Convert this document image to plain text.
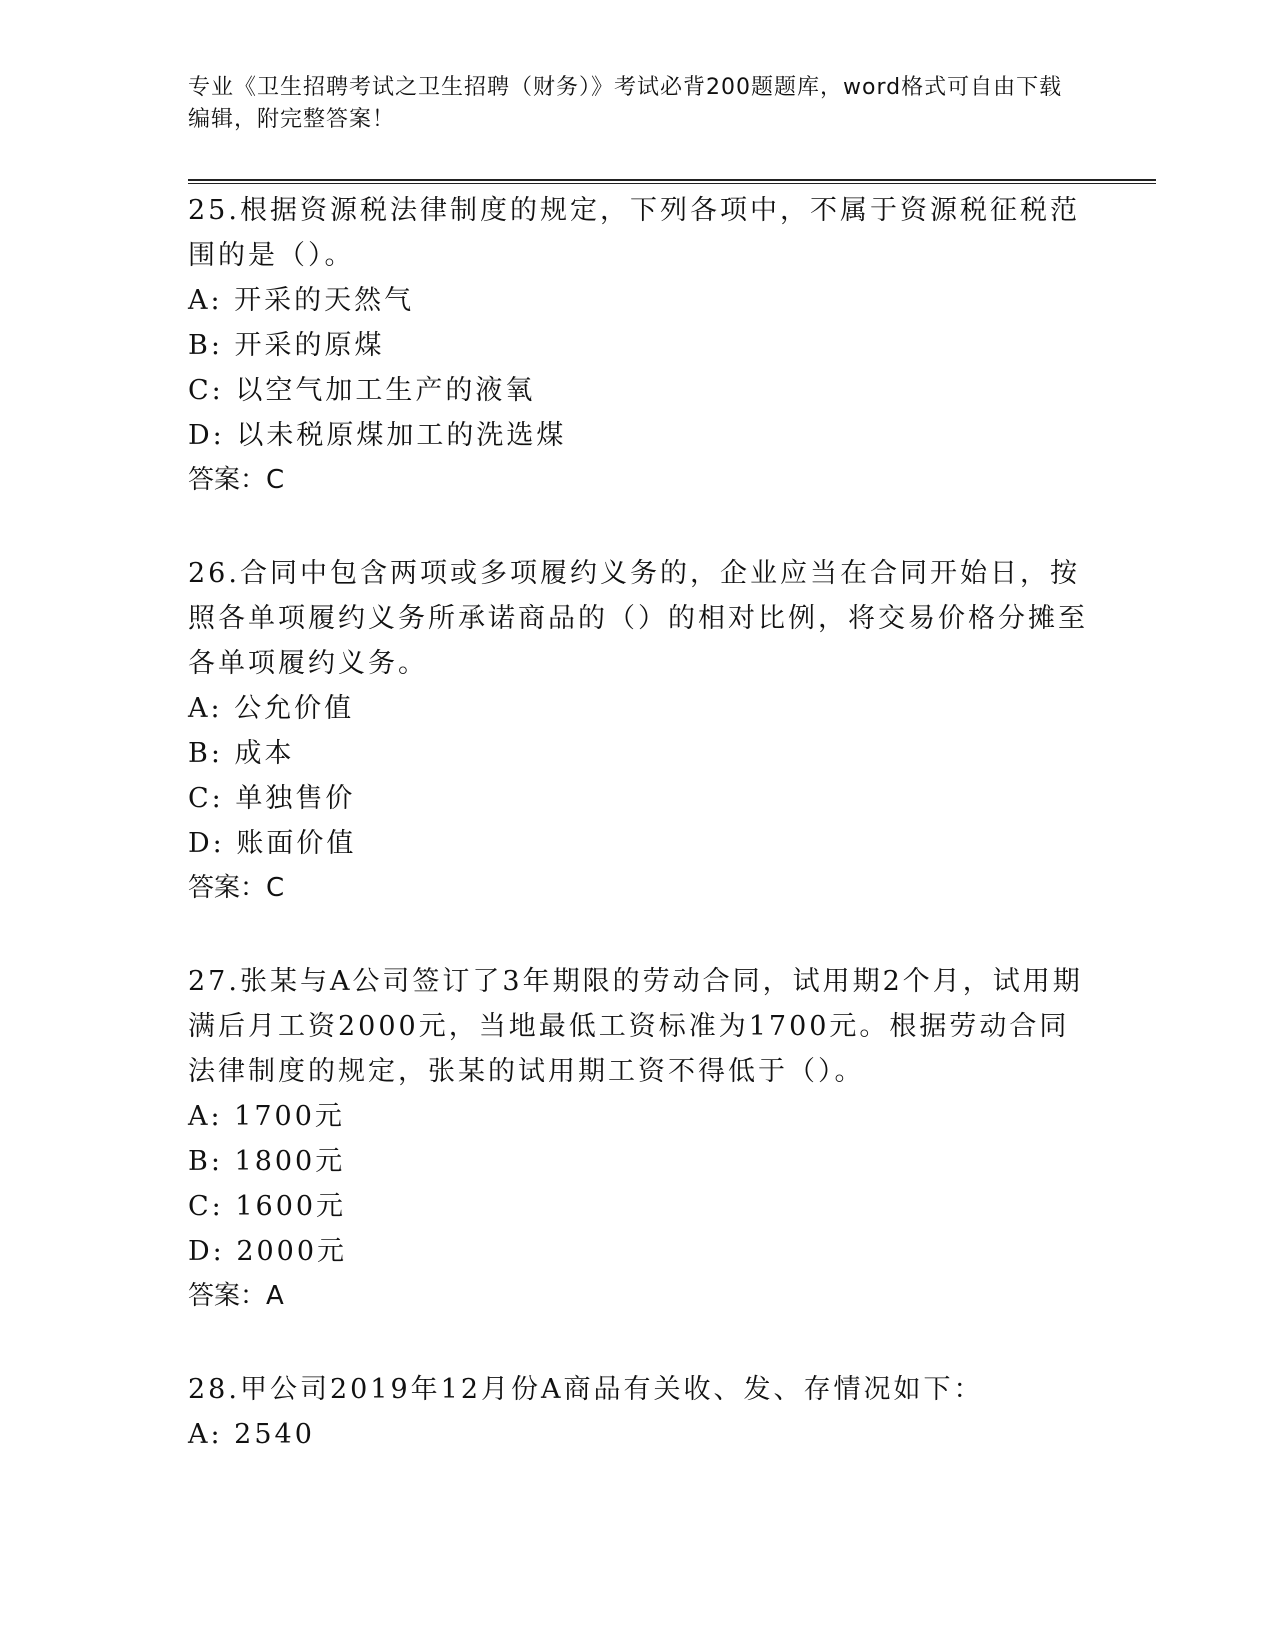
专业《卫生招聘考试之卫生招聘（财务）》考试必背200题题库，word格式可自由下载编辑，附完整答案！

25.根据资源税法律制度的规定，下列各项中，不属于资源税征税范围的是（）。

A: 开采的天然气

B: 开采的原煤

C: 以空气加工生产的液氧

D: 以未税原煤加工的洗选煤

答案：C

26.合同中包含两项或多项履约义务的，企业应当在合同开始日，按照各单项履约义务所承诺商品的（）的相对比例，将交易价格分摊至各单项履约义务。

A: 公允价值

B: 成本

C: 单独售价

D: 账面价值

答案：C

27.张某与A公司签订了3年期限的劳动合同，试用期2个月，试用期满后月工资2000元，当地最低工资标准为1700元。根据劳动合同法律制度的规定，张某的试用期工资不得低于（）。

A: 1700元

B: 1800元

C: 1600元

D: 2000元

答案：A

28.甲公司2019年12月份A商品有关收、发、存情况如下：

A: 2540
